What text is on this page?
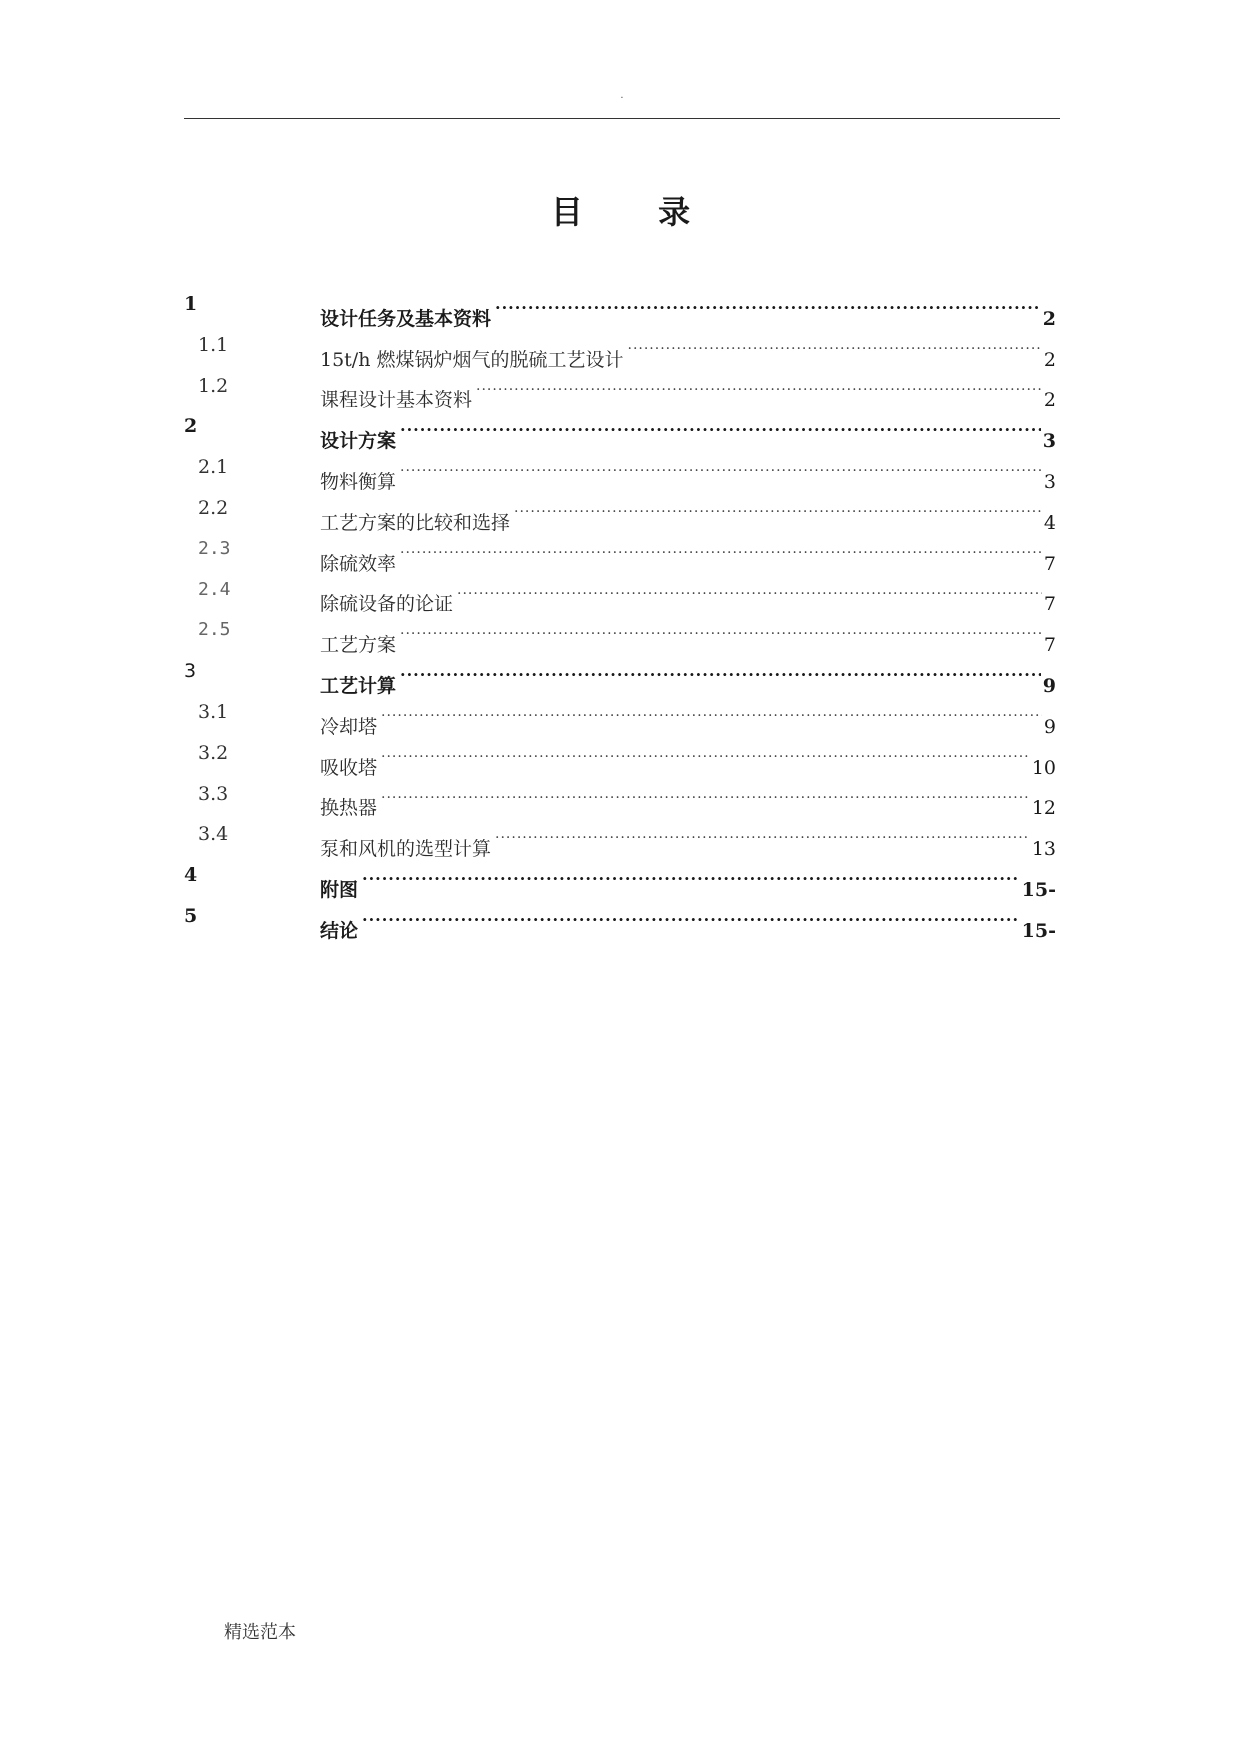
·
目 录
1
设计任务及基本资料 .....	2
1.1
15t/h 燃煤锅炉烟气的脱硫工艺设计 .....	2
1.2
课程设计基本资料 .....	2
2
设计方案 .....	3
2.1
物料衡算 .....	3
2.2
工艺方案的比较和选择 .....	4
2.3
除硫效率 .....	7
2.4
除硫设备的论证 .....	7
2.5
工艺方案 .....	7
3
工艺计算 .....	9
3.1
冷却塔 .....	9
3.2
吸收塔 .....	10
3.3
换热器 .....	12
3.4
泵和风机的选型计算 .....	13
4
附图 .....	15-
5
结论 .....	15-
精选范本
